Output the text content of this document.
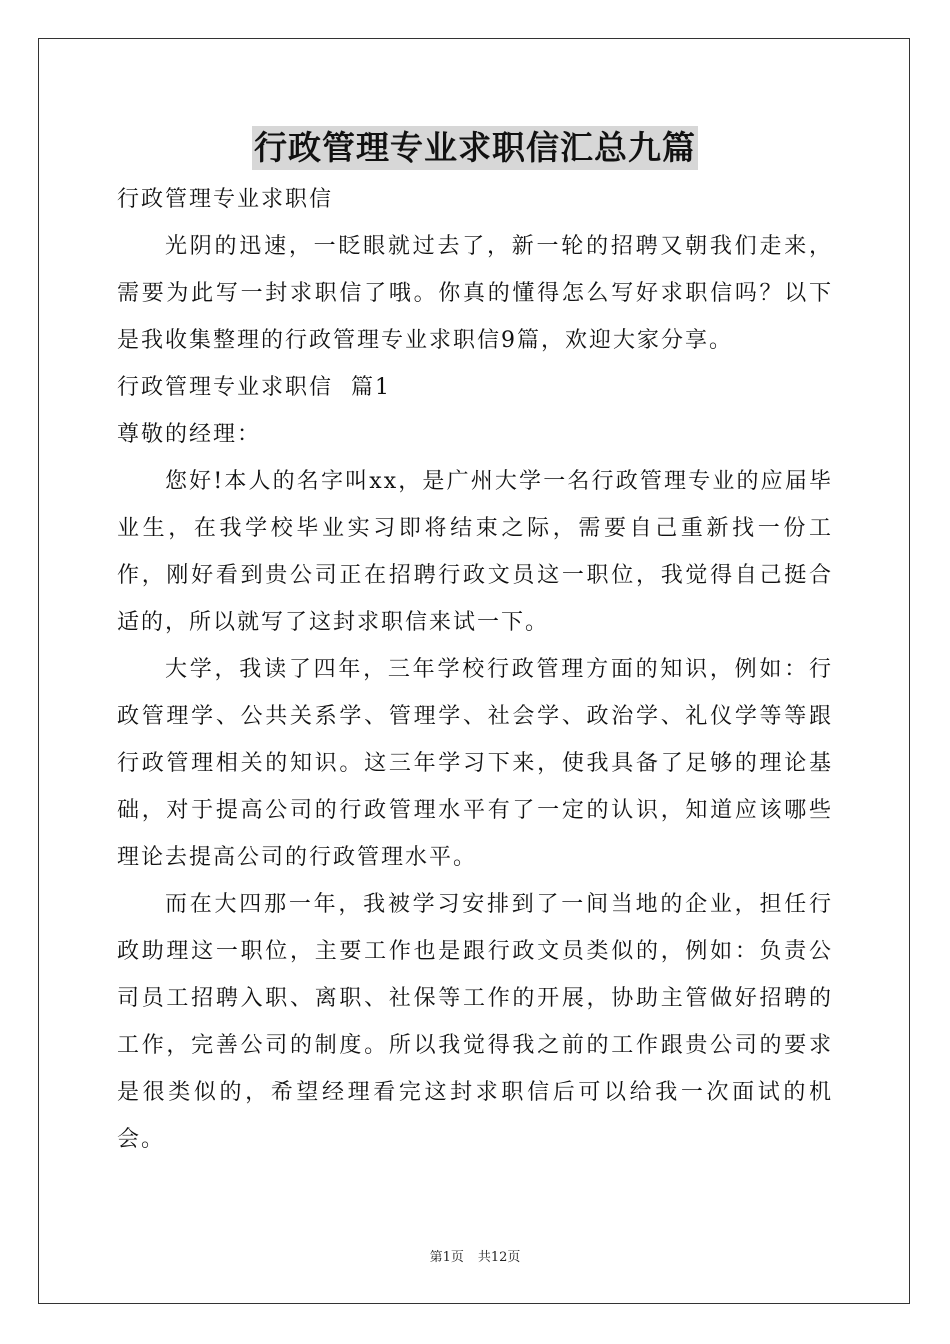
行政管理专业求职信汇总九篇

行政管理专业求职信

光阴的迅速，一眨眼就过去了，新一轮的招聘又朝我们走来，需要为此写一封求职信了哦。你真的懂得怎么写好求职信吗？以下是我收集整理的行政管理专业求职信9篇，欢迎大家分享。

行政管理专业求职信  篇1

尊敬的经理：

您好!本人的名字叫xx，是广州大学一名行政管理专业的应届毕业生，在我学校毕业实习即将结束之际，需要自己重新找一份工作，刚好看到贵公司正在招聘行政文员这一职位，我觉得自己挺合适的，所以就写了这封求职信来试一下。

大学，我读了四年，三年学校行政管理方面的知识，例如：行政管理学、公共关系学、管理学、社会学、政治学、礼仪学等等跟行政管理相关的知识。这三年学习下来，使我具备了足够的理论基础，对于提高公司的行政管理水平有了一定的认识，知道应该哪些理论去提高公司的行政管理水平。

而在大四那一年，我被学习安排到了一间当地的企业，担任行政助理这一职位，主要工作也是跟行政文员类似的，例如：负责公司员工招聘入职、离职、社保等工作的开展，协助主管做好招聘的工作，完善公司的制度。所以我觉得我之前的工作跟贵公司的要求是很类似的，希望经理看完这封求职信后可以给我一次面试的机会。

第1页 共12页
